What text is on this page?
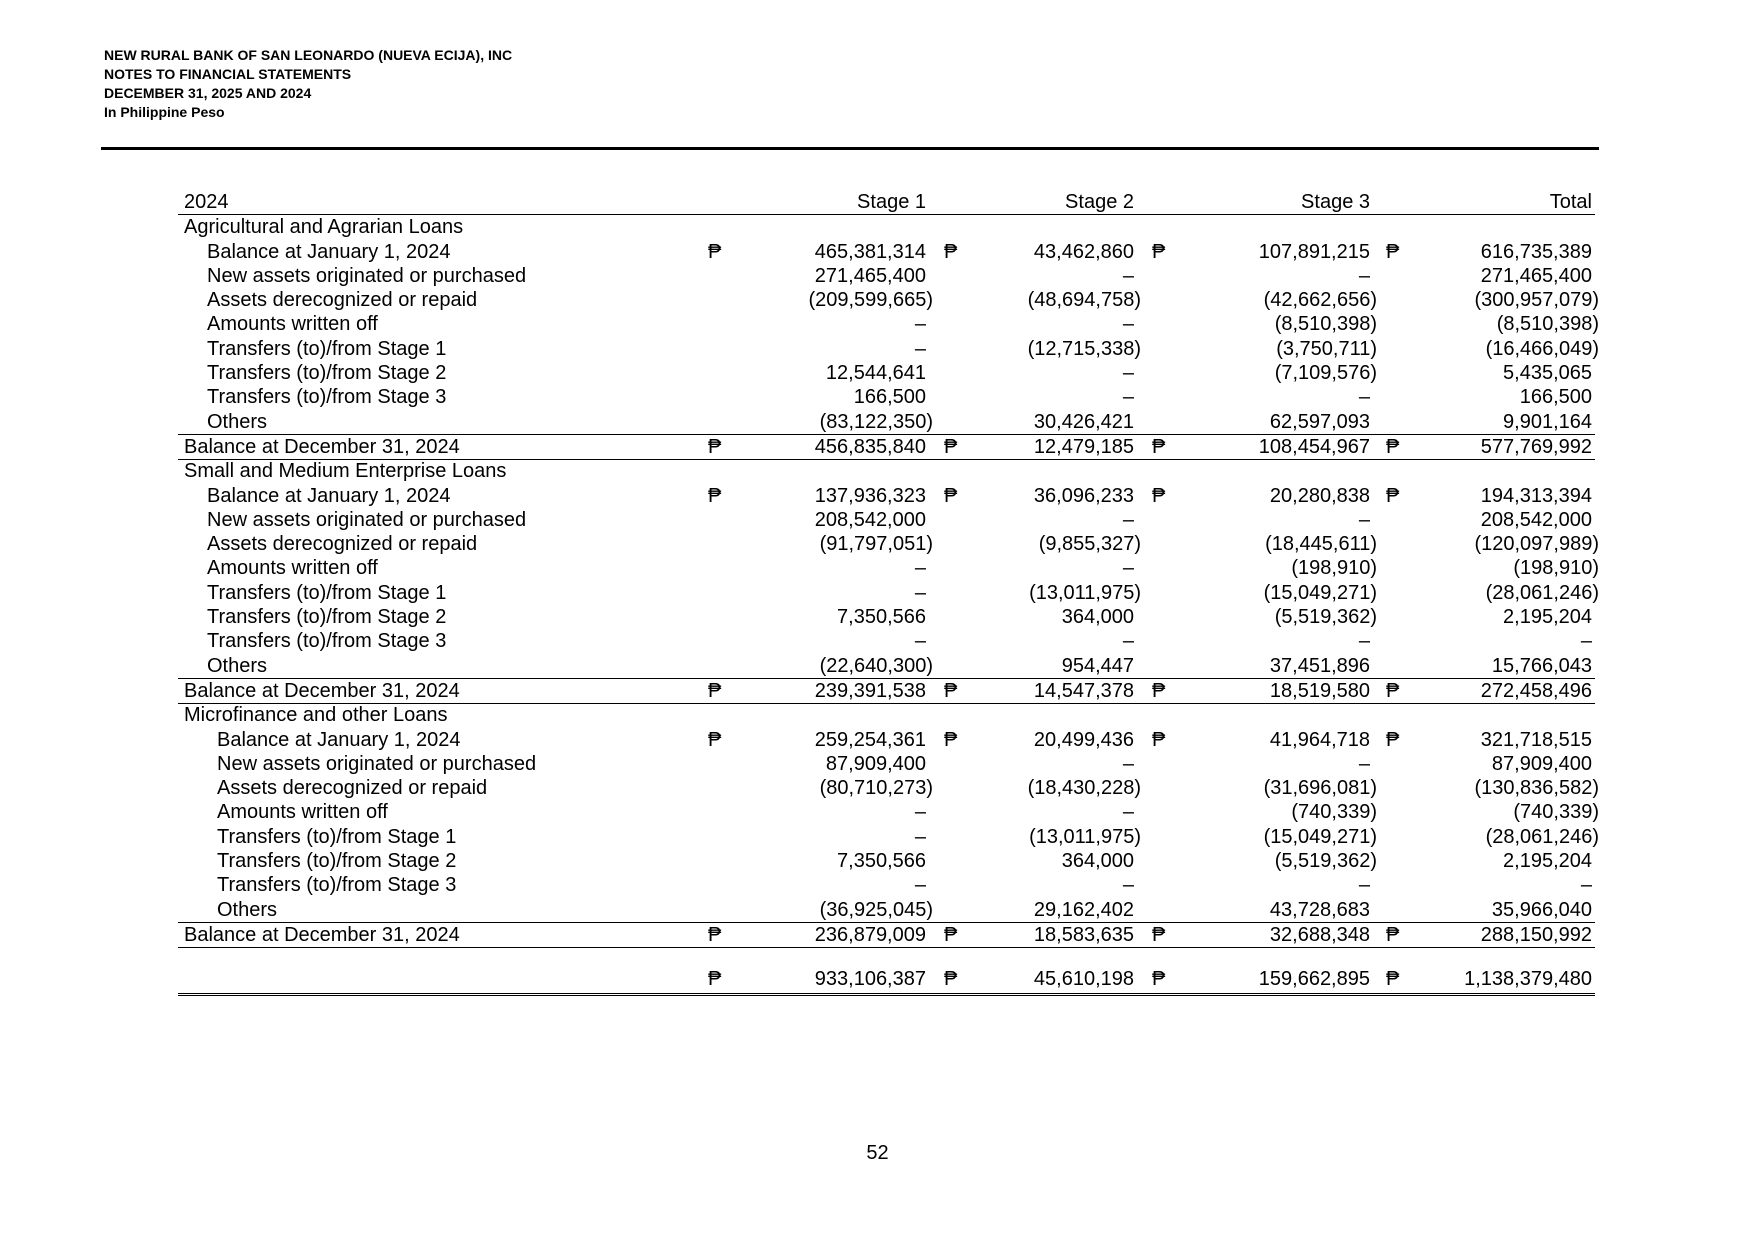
NEW RURAL BANK OF SAN LEONARDO (NUEVA ECIJA), INC
NOTES TO FINANCIAL STATEMENTS
DECEMBER 31, 2025 AND 2024
In Philippine Peso
2024	Stage 1	Stage 2	Stage 3	Total
Agricultural and Agrarian Loans
Balance at January 1, 2024	₱	465,381,314 ₱	43,462,860 ₱	107,891,215 ₱	616,735,389
New assets originated or purchased	271,465,400	–	–	271,465,400
Assets derecognized or repaid	(209,599,665)	(48,694,758)	(42,662,656)	(300,957,079)
Amounts written off	–	–	(8,510,398)	(8,510,398)
Transfers (to)/from Stage 1	–	(12,715,338)	(3,750,711)	(16,466,049)
Transfers (to)/from Stage 2	12,544,641	–	(7,109,576)	5,435,065
Transfers (to)/from Stage 3	166,500	–	–	166,500
Others	(83,122,350)	30,426,421	62,597,093	9,901,164
Balance at December 31, 2024	₱	456,835,840 ₱	12,479,185 ₱	108,454,967 ₱	577,769,992
Small and Medium Enterprise Loans
Balance at January 1, 2024	₱	137,936,323 ₱	36,096,233 ₱	20,280,838 ₱	194,313,394
New assets originated or purchased	208,542,000	–	–	208,542,000
Assets derecognized or repaid	(91,797,051)	(9,855,327)	(18,445,611)	(120,097,989)
Amounts written off	–	–	(198,910)	(198,910)
Transfers (to)/from Stage 1	–	(13,011,975)	(15,049,271)	(28,061,246)
Transfers (to)/from Stage 2	7,350,566	364,000	(5,519,362)	2,195,204
Transfers (to)/from Stage 3	–	–	–	–
Others	(22,640,300)	954,447	37,451,896	15,766,043
Balance at December 31, 2024	₱	239,391,538 ₱	14,547,378 ₱	18,519,580 ₱	272,458,496
Microfinance and other Loans
Balance at January 1, 2024	₱	259,254,361 ₱	20,499,436 ₱	41,964,718 ₱	321,718,515
New assets originated or purchased	87,909,400	–	–	87,909,400
Assets derecognized or repaid	(80,710,273)	(18,430,228)	(31,696,081)	(130,836,582)
Amounts written off	–	–	(740,339)	(740,339)
Transfers (to)/from Stage 1	–	(13,011,975)	(15,049,271)	(28,061,246)
Transfers (to)/from Stage 2	7,350,566	364,000	(5,519,362)	2,195,204
Transfers (to)/from Stage 3	–	–	–	–
Others	(36,925,045)	29,162,402	43,728,683	35,966,040
Balance at December 31, 2024	₱	236,879,009 ₱	18,583,635 ₱	32,688,348 ₱	288,150,992
₱	933,106,387 ₱	45,610,198 ₱	159,662,895 ₱	1,138,379,480
52
